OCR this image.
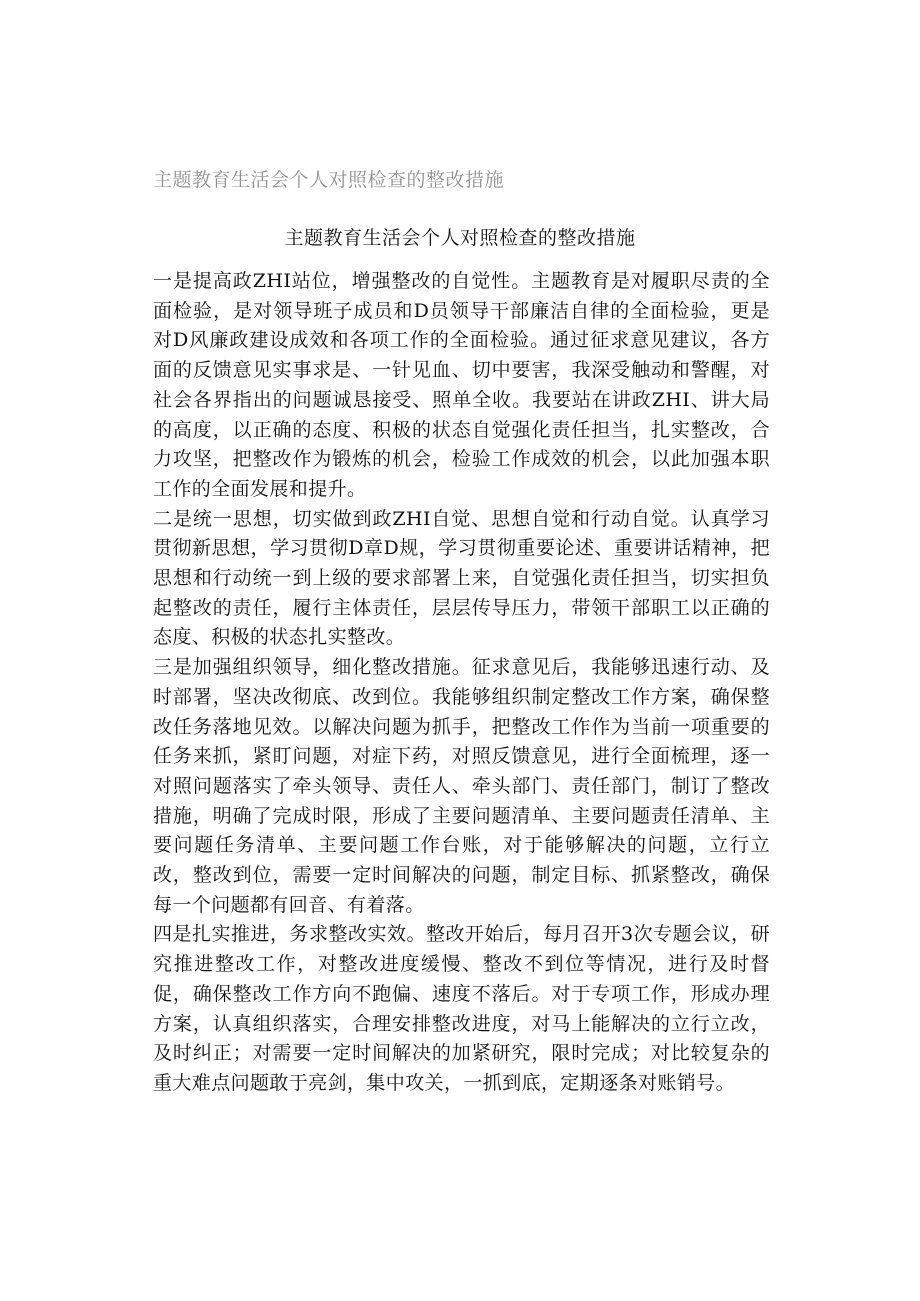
主题教育生活会个人对照检查的整改措施
主题教育生活会个人对照检查的整改措施

一是提高政ZHI站位，增强整改的自觉性。主题教育是对履职尽责的全面检验，是对领导班子成员和D员领导干部廉洁自律的全面检验，更是对D风廉政建设成效和各项工作的全面检验。通过征求意见建议，各方面的反馈意见实事求是、一针见血、切中要害，我深受触动和警醒，对社会各界指出的问题诚恳接受、照单全收。我要站在讲政ZHI、讲大局的高度，以正确的态度、积极的状态自觉强化责任担当，扎实整改，合力攻坚，把整改作为锻炼的机会，检验工作成效的机会，以此加强本职工作的全面发展和提升。

二是统一思想，切实做到政ZHI自觉、思想自觉和行动自觉。认真学习贯彻新思想，学习贯彻D章D规，学习贯彻重要论述、重要讲话精神，把思想和行动统一到上级的要求部署上来，自觉强化责任担当，切实担负起整改的责任，履行主体责任，层层传导压力，带领干部职工以正确的态度、积极的状态扎实整改。

三是加强组织领导，细化整改措施。征求意见后，我能够迅速行动、及时部署，坚决改彻底、改到位。我能够组织制定整改工作方案，确保整改任务落地见效。以解决问题为抓手，把整改工作作为当前一项重要的任务来抓，紧盯问题，对症下药，对照反馈意见，进行全面梳理，逐一对照问题落实了牵头领导、责任人、牵头部门、责任部门，制订了整改措施，明确了完成时限，形成了主要问题清单、主要问题责任清单、主要问题任务清单、主要问题工作台账，对于能够解决的问题，立行立改，整改到位，需要一定时间解决的问题，制定目标、抓紧整改，确保每一个问题都有回音、有着落。

四是扎实推进，务求整改实效。整改开始后，每月召开3次专题会议，研究推进整改工作，对整改进度缓慢、整改不到位等情况，进行及时督促，确保整改工作方向不跑偏、速度不落后。对于专项工作，形成办理方案，认真组织落实，合理安排整改进度，对马上能解决的立行立改，及时纠正；对需要一定时间解决的加紧研究，限时完成；对比较复杂的重大难点问题敢于亮剑，集中攻关，一抓到底，定期逐条对账销号。
